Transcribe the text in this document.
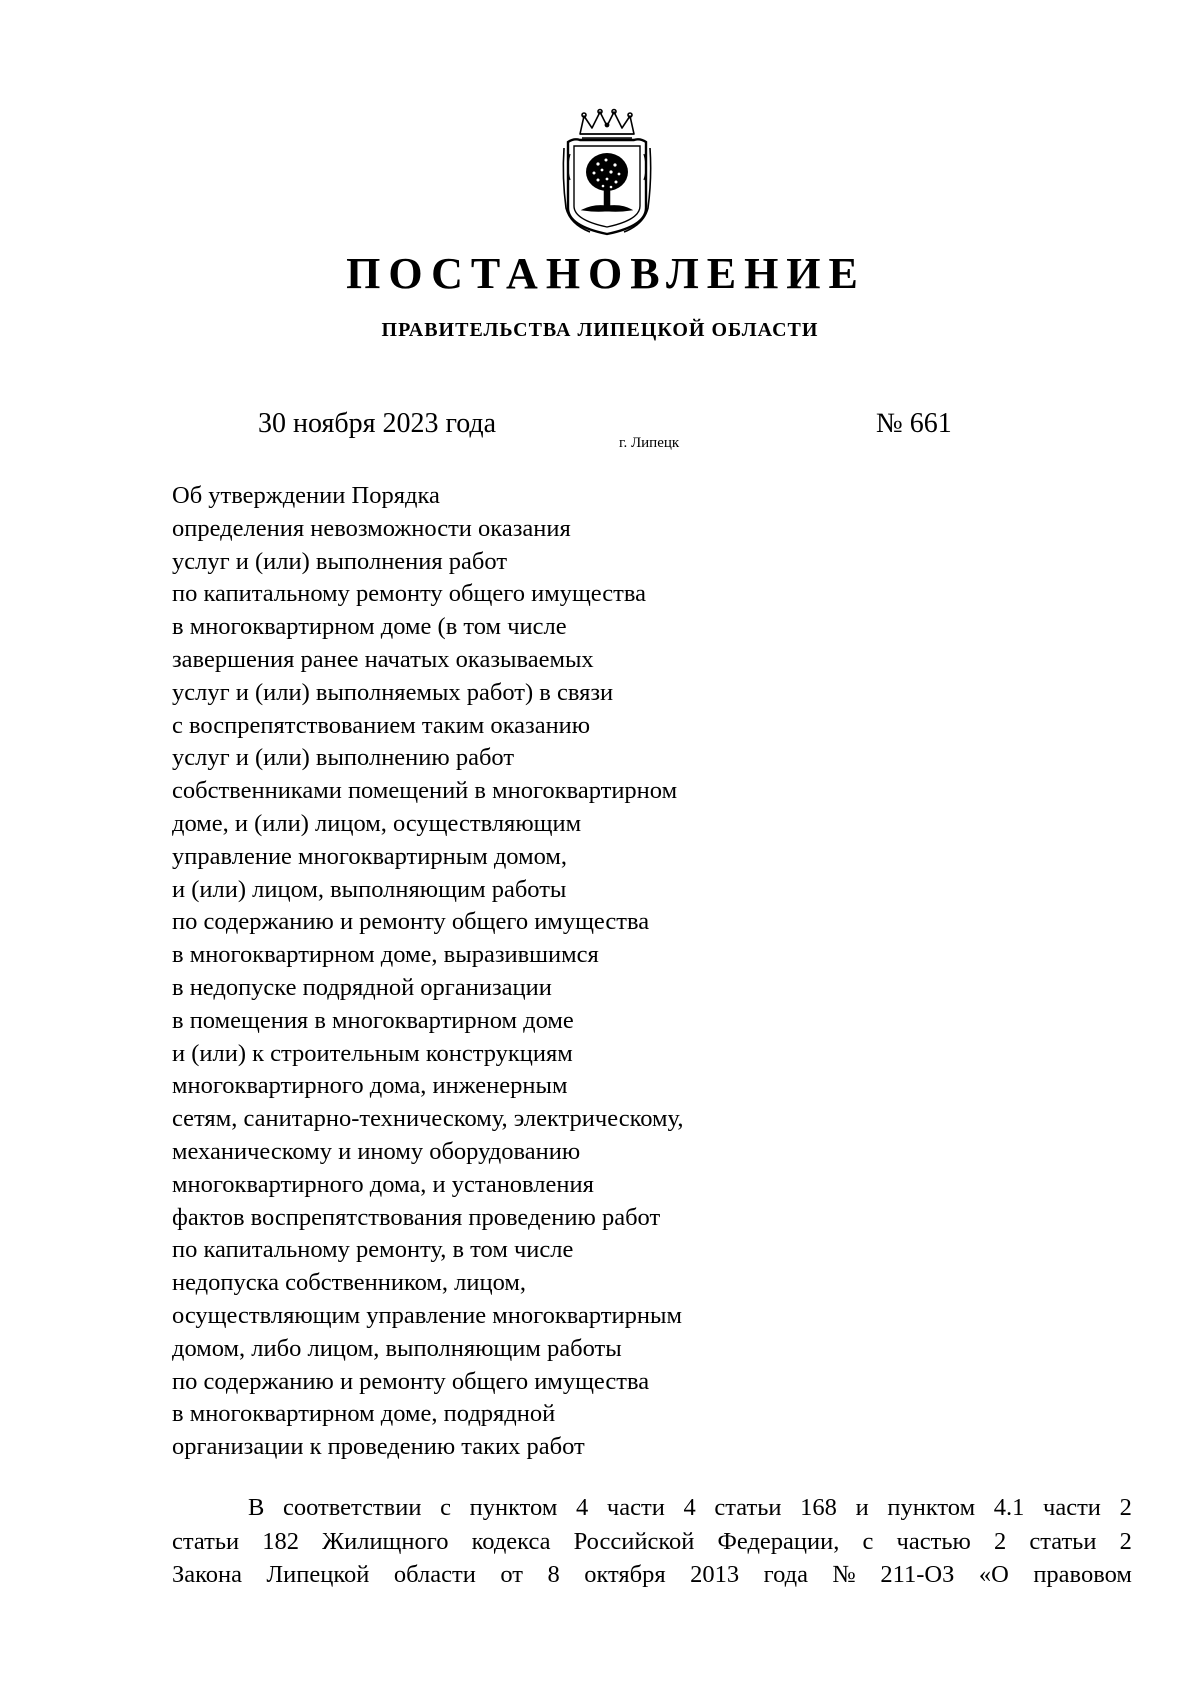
ПОСТАНОВЛЕНИЕ
ПРАВИТЕЛЬСТВА ЛИПЕЦКОЙ ОБЛАСТИ
30 ноября 2023 года
г. Липецк
№ 661
Об утверждении Порядка
определения невозможности оказания
услуг и (или) выполнения работ
по капитальному ремонту общего имущества
в многоквартирном доме (в том числе
завершения ранее начатых оказываемых
услуг и (или) выполняемых работ) в связи
с воспрепятствованием таким оказанию
услуг и (или) выполнению работ
собственниками помещений в многоквартирном
доме, и (или) лицом, осуществляющим
управление многоквартирным домом,
и (или) лицом, выполняющим работы
по содержанию и ремонту общего имущества
в многоквартирном доме, выразившимся
в недопуске подрядной организации
в помещения в многоквартирном доме
и (или) к строительным конструкциям
многоквартирного дома, инженерным
сетям, санитарно-техническому, электрическому,
механическому и иному оборудованию
многоквартирного дома, и установления
фактов воспрепятствования проведению работ
по капитальному ремонту, в том числе
недопуска собственником, лицом,
осуществляющим управление многоквартирным
домом, либо лицом, выполняющим работы
по содержанию и ремонту общего имущества
в многоквартирном доме, подрядной
организации к проведению таких работ
В соответствии с пунктом 4 части 4 статьи 168 и пунктом 4.1 части 2
статьи 182 Жилищного кодекса Российской Федерации, с частью 2 статьи 2
Закона Липецкой области от 8 октября 2013 года № 211-ОЗ «О правовом
